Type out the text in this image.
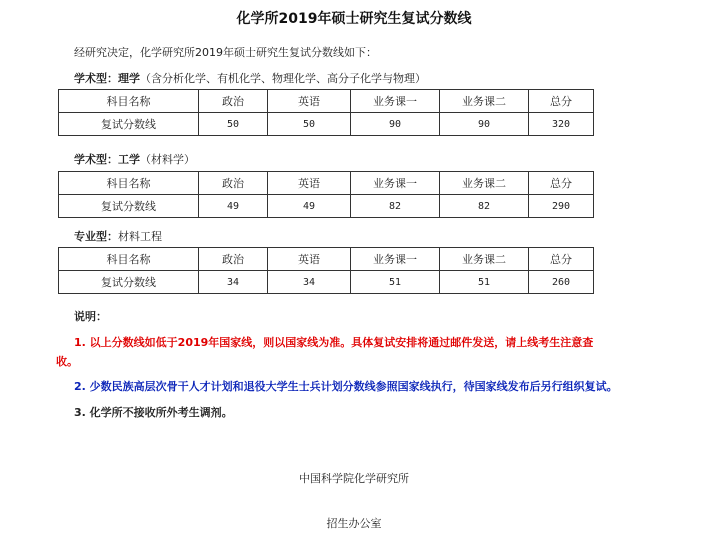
化学所2019年硕士研究生复试分数线
经研究决定，化学研究所2019年硕士研究生复试分数线如下：
学术型：理学（含分析化学、有机化学、物理化学、高分子化学与物理）
科目名称	政治	英语	业务课一	业务课二	总分
复试分数线	50	50	90	90	320
学术型：工学（材料学）
科目名称	政治	英语	业务课一	业务课二	总分
复试分数线	49	49	82	82	290
专业型：材料工程
科目名称	政治	英语	业务课一	业务课二	总分
复试分数线	34	34	51	51	260
说明：
1. 以上分数线如低于2019年国家线，则以国家线为准。具体复试安排将通过邮件发送，请上线考生注意查
收。
2. 少数民族高层次骨干人才计划和退役大学生士兵计划分数线参照国家线执行，待国家线发布后另行组织复试。
3. 化学所不接收所外考生调剂。
中国科学院化学研究所
招生办公室
